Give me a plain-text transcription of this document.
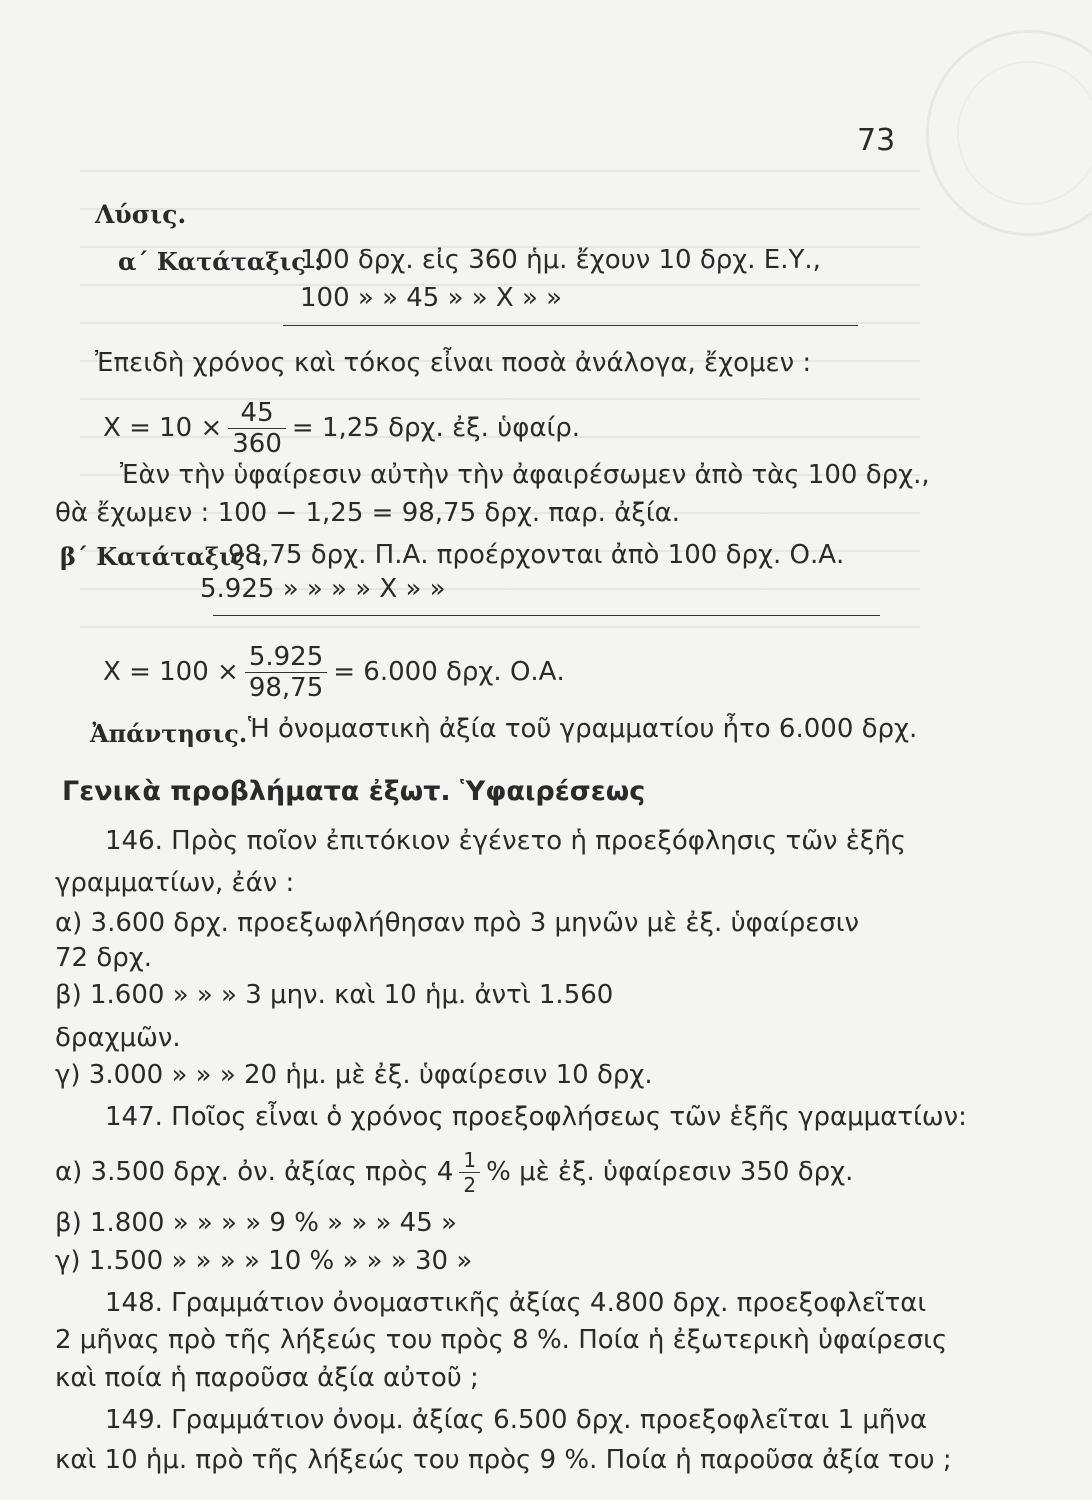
73
Λύσις.
α΄ Κατάταξις :
100 δρχ. εἰς 360 ἡμ. ἔχουν 10 δρχ. Ε.Υ.,
100 » » 45 » » Χ » »
Ἐπειδὴ χρόνος καὶ τόκος εἶναι ποσὰ ἀνάλογα, ἔχομεν :
$X = 10 \times \frac{45}{360} = 1,25$ δρχ. ἐξ. ὑφαίρ.
Ἐὰν τὴν ὑφαίρεσιν αὐτὴν τὴν ἀφαιρέσωμεν ἀπὸ τὰς 100 δρχ.,
θὰ ἔχωμεν : 100 − 1,25 = 98,75 δρχ. παρ. ἀξία.
β΄ Κατάταξις :
98,75 δρχ. Π.Α. προέρχονται ἀπὸ 100 δρχ. Ο.Α.
5.925 » » » » Χ » »
$X = 100 \times \frac{5.925}{98,75} = 6.000$ δρχ. Ο.Α.
Ἀπάντησις. Ἡ ὀνομαστικὴ ἀξία τοῦ γραμματίου ἦτο 6.000 δρχ.
Γενικὰ προβλήματα ἐξωτ. Ὑφαιρέσεως
146. Πρὸς ποῖον ἐπιτόκιον ἐγένετο ἡ προεξόφλησις τῶν ἑξῆς
γραμματίων, ἐάν :
α) 3.600 δρχ. προεξωφλήθησαν πρὸ 3 μηνῶν μὲ ἐξ. ὑφαίρεσιν
72 δρχ.
β) 1.600 » » » 3 μην. καὶ 10 ἡμ. ἀντὶ 1.560
δραχμῶν.
γ) 3.000 » » » 20 ἡμ. μὲ ἐξ. ὑφαίρεσιν 10 δρχ.
147. Ποῖος εἶναι ὁ χρόνος προεξοφλήσεως τῶν ἑξῆς γραμματίων:
α) 3.500 δρχ. ὀν. ἀξίας πρὸς $4 \frac{1}{2}$ % μὲ ἐξ. ὑφαίρεσιν 350 δρχ.
β) 1.800 » » » » 9 % » » » 45 »
γ) 1.500 » » » » 10 % » » » 30 »
148. Γραμμάτιον ὀνομαστικῆς ἀξίας 4.800 δρχ. προεξοφλεῖται
2 μῆνας πρὸ τῆς λήξεώς του πρὸς 8 %. Ποία ἡ ἐξωτερικὴ ὑφαίρεσις
καὶ ποία ἡ παροῦσα ἀξία αὐτοῦ ;
149. Γραμμάτιον ὀνομ. ἀξίας 6.500 δρχ. προεξοφλεῖται 1 μῆνα
καὶ 10 ἡμ. πρὸ τῆς λήξεώς του πρὸς 9 %. Ποία ἡ παροῦσα ἀξία του ;
